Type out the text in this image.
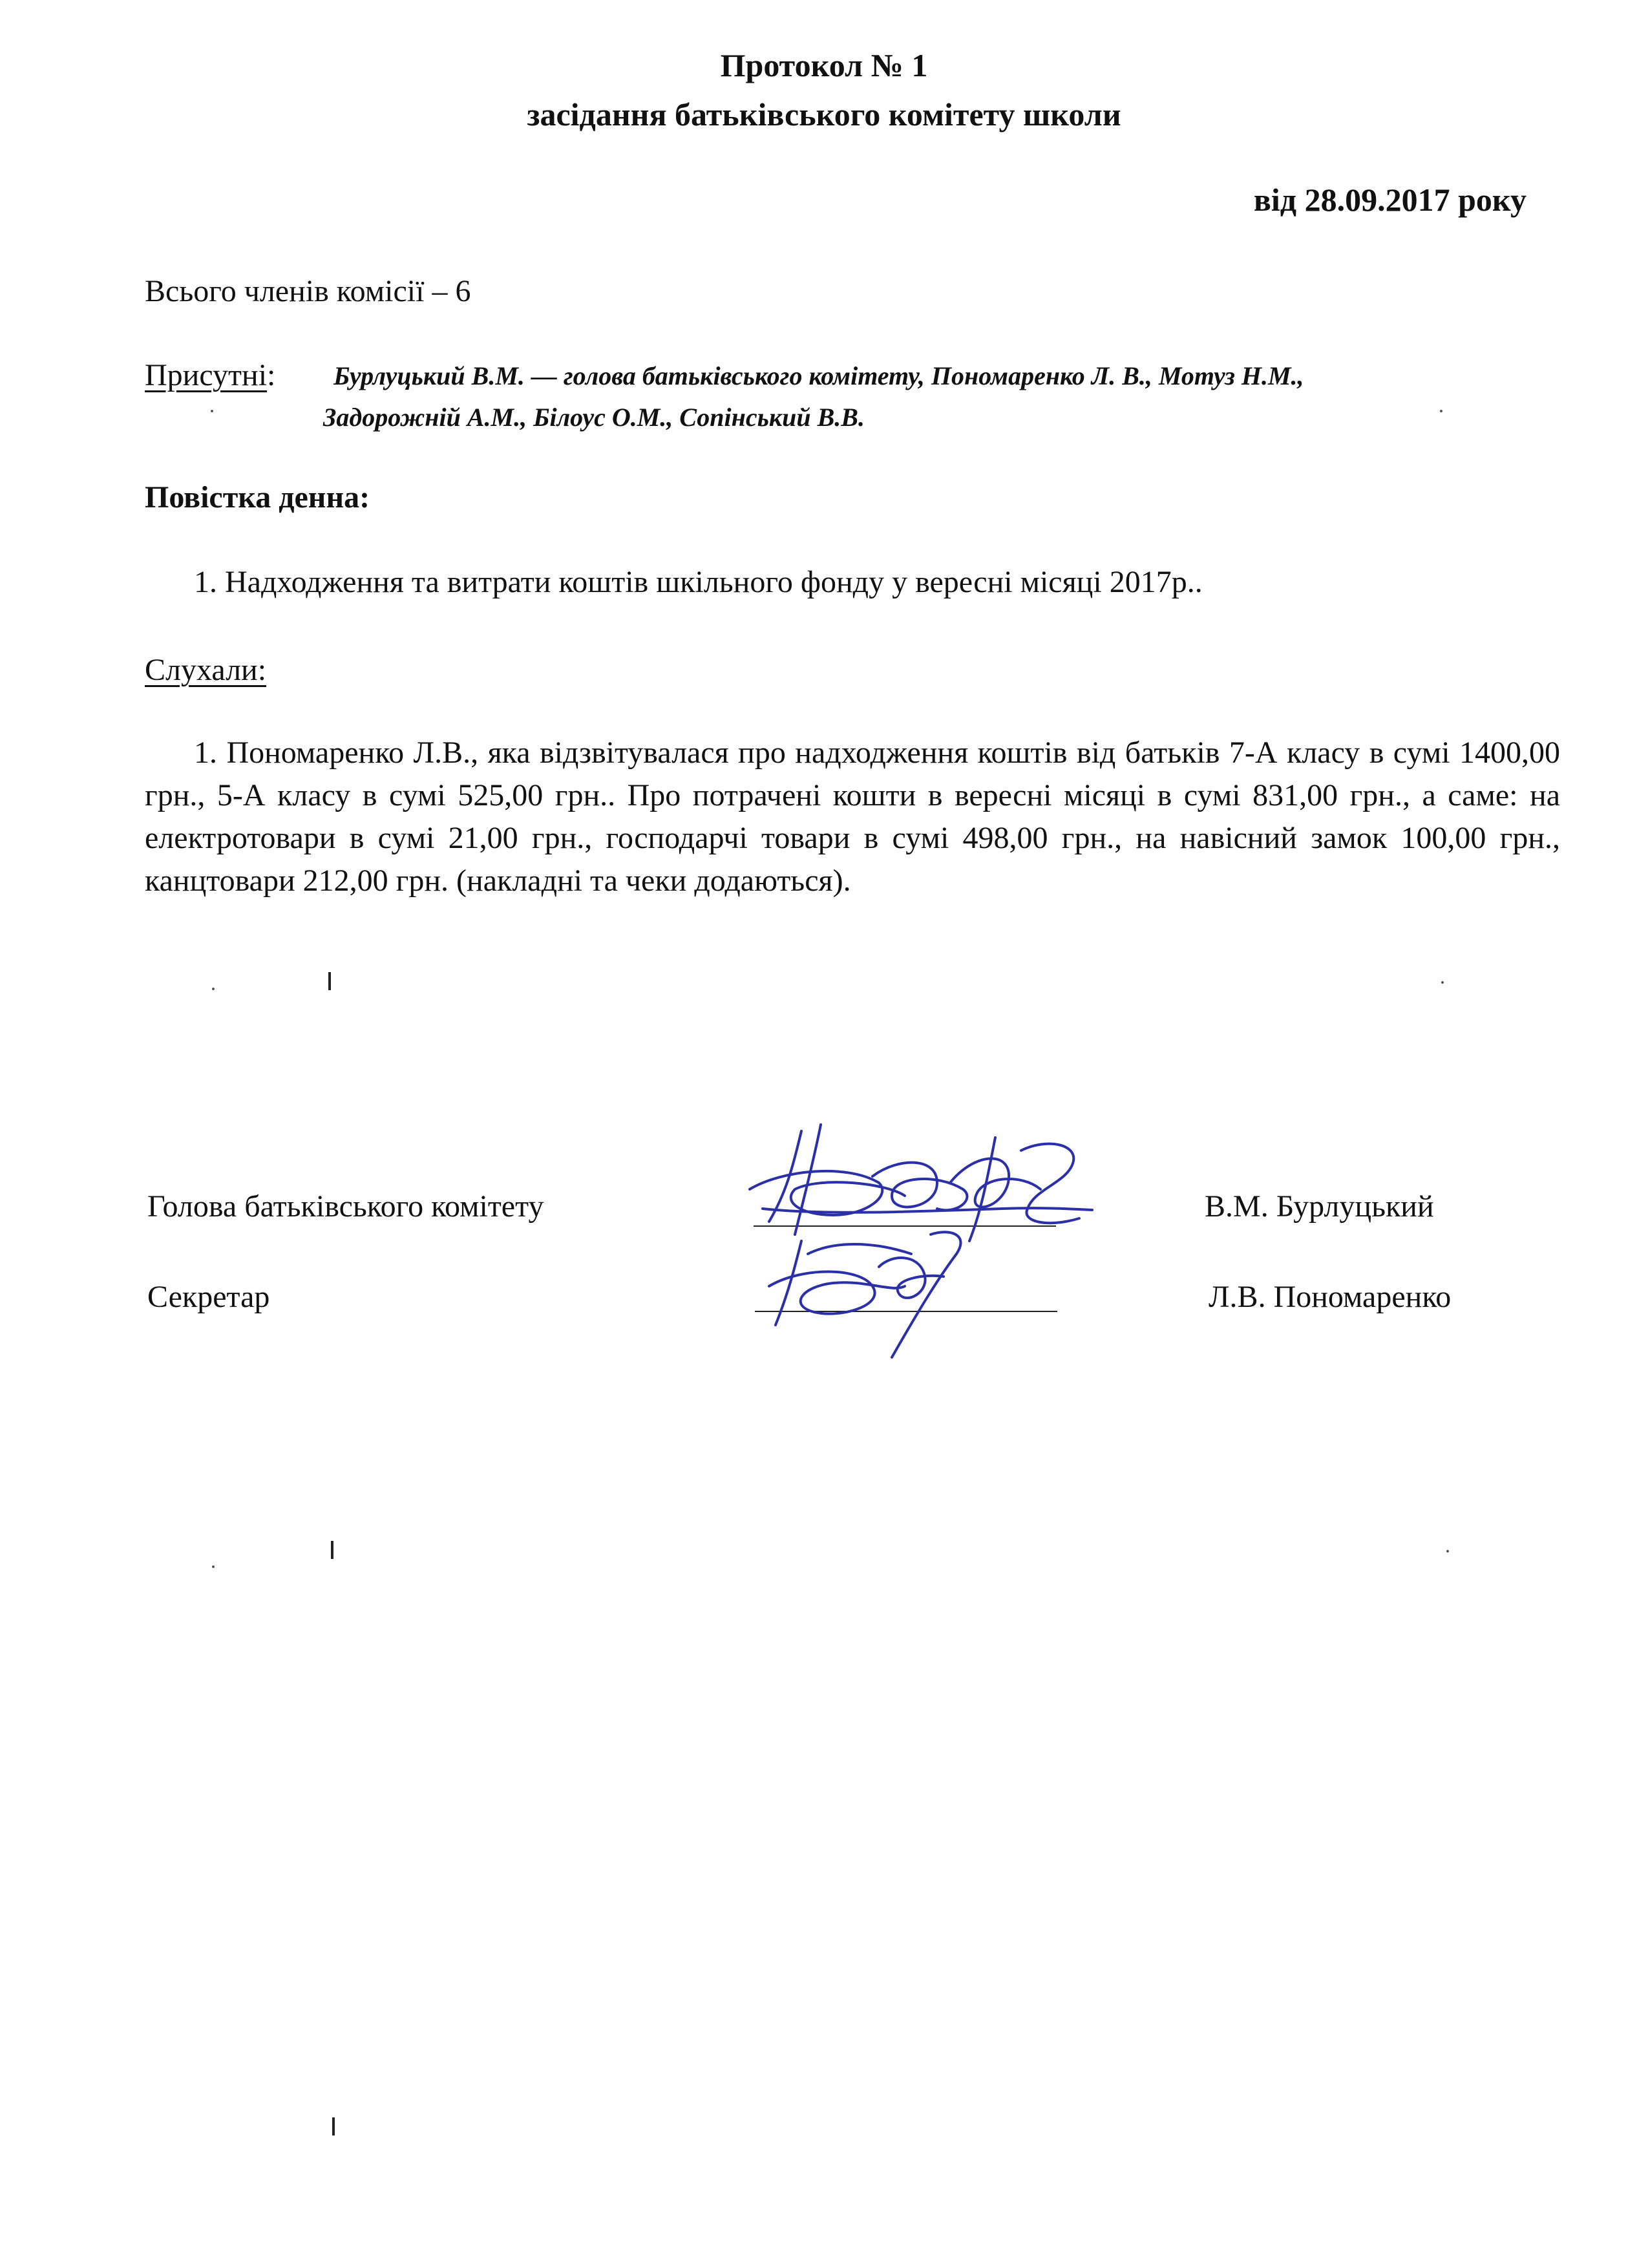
Протокол № 1
засідання батьківського комітету школи
від 28.09.2017 року
Всього членів комісії – 6
Присутні: Бурлуцький В.М. — голова батьківського комітету, Пономаренко Л. В., Мотуз Н.М.,
Задорожній А.М., Білоус О.М., Сопінський В.В.
Повістка денна:
1. Надходження та витрати коштів шкільного фонду у вересні місяці 2017р..
Слухали:

1. Пономаренко Л.В., яка відзвітувалася про надходження коштів від батьків 7-А класу в сумі 1400,00 грн., 5-А класу в сумі 525,00 грн.. Про потрачені кошти в вересні місяці в сумі 831,00 грн., а саме: на електротовари в сумі 21,00 грн., господарчі товари в сумі 498,00 грн., на навісний замок 100,00 грн., канцтовари 212,00 грн. (накладні та чеки додаються).

Голова батьківського комітету	В.М. Бурлуцький
Секретар	Л.В. Пономаренко
